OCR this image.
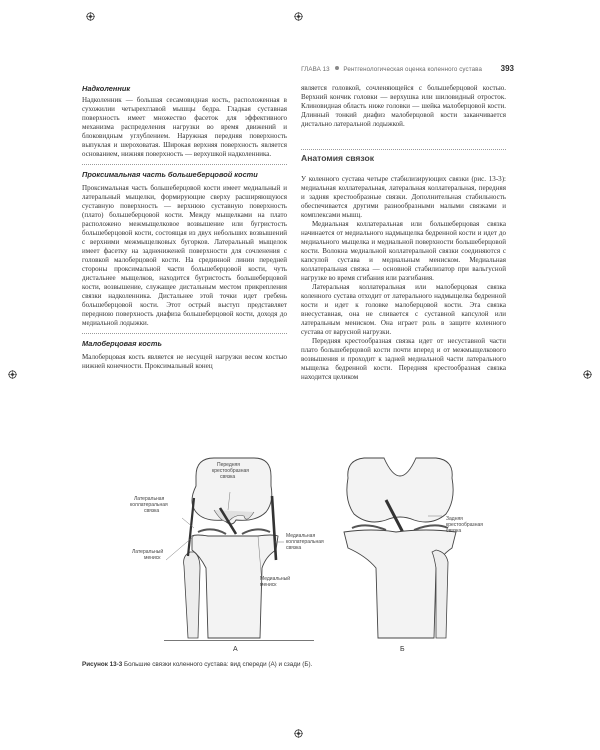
ГЛАВА 13 Рентгенологическая оценка коленного сустава 393
Надколенник

Надколенник — большая сесамовидная кость, расположенная в сухожилии четырехглавой мышцы бедра. Гладкая суставная поверхность имеет множество фасеток для эффективного механизма распределения нагрузки во время движений и блоковидным углублением. Наружная передняя поверхность выпуклая и шероховатая. Широкая верхняя поверхность является основанием, нижняя поверхность — верхушкой надколенника.

Проксимальная часть большеберцовой кости

Проксимальная часть большеберцовой кости имеет медиальный и латеральный мыщелки, формирующие сверху расширяющуюся суставную поверхность — верхнюю суставную поверхность (плато) большеберцовой кости. Между мыщелками на плато расположено межмыщелковое возвышение или бугристость большеберцовой кости, состоящая из двух небольших возвышений с верхними межмыщелковых бугорков. Латеральный мыщелок имеет фасетку на заднениженей поверхности для сочленения с головкой малоберцовой кости. На срединной линии передней стороны проксимальной части большеберцовой кости, чуть дистальнее мыщелков, находится бугристость большеберцовой кости, возвышение, служащее дистальным местом прикрепления связки надколенника. Дистальнее этой точки идет гребень большеберцовой кости. Этот острый выступ представляет переднюю поверхность диафиза большеберцовой кости, доходя до медиальной лодыжки.

Малоберцовая кость

Малоберцовая кость является не несущей нагрузки весом костью нижней конечности. Проксимальный конец

является головкой, сочленяющейся с большеберцовой костью. Верхний кончик головки — верхушка или шиловидный отросток. Клиновидная область ниже головки — шейка малоберцовой кости. Длинный тонкий диафиз малоберцовой кости заканчивается дистально латеральной лодыжкой.

Анатомия связок

У коленного сустава четыре стабилизирующих связки (рис. 13-3): медиальная коллатеральная, латеральная коллатеральная, передняя и задняя крестообразные связки. Дополнительная стабильность обеспечивается другими разнообразными малыми связками и комплексами мышц.

Медиальная коллатеральная или большеберцовая связка начинается от медиального надмыщелка бедренной кости и идет до медиального мыщелка и медиальной поверхности большеберцовой кости. Волокна медиальной коллатеральной связки соединяются с капсулой сустава и медиальным мениском. Медиальная коллатеральная связка — основной стабилизатор при вальгусной нагрузке во время сгибания или разгибания.

Латеральная коллатеральная или малоберцовая связка коленного сустава отходит от латерального надмыщелка бедренной кости и идет к головке малоберцовой кости. Эта связка внесуставная, она не сливается с суставной капсулой или латеральным мениском. Она играет роль в защите коленного сустава от варусной нагрузки.

Передняя крестообразная связка идет от несуставной части плато большеберцовой кости почти вперед и от межмыщелкового возвышения и проходит к задней медиальной части латерального мыщелка бедренной кости. Передняя крестообразная связка находится целиком

Передняя крестообразная связка
Латеральная коллатеральная связка
Латеральный мениск
Медиальная коллатеральная связка
Медиальный мениск
А
Задняя крестообразная связка
Б
Рисунок 13-3 Большие связки коленного сустава: вид спереди (А) и сзади (Б).
